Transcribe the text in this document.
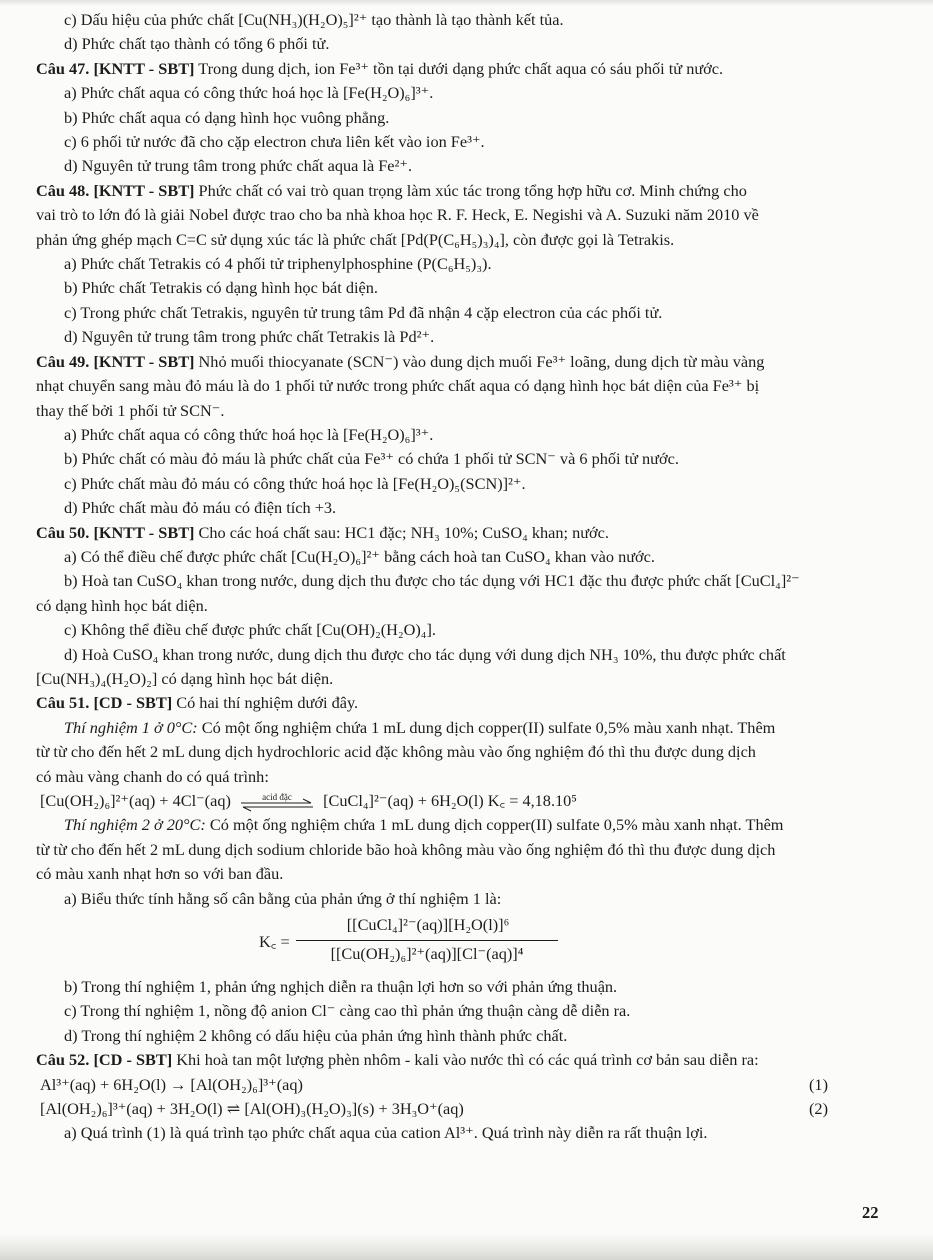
c) Dấu hiệu của phức chất [Cu(NH₃)(H₂O)₅]²⁺ tạo thành là tạo thành kết tủa.

d) Phức chất tạo thành có tổng 6 phối tử.

Câu 47. [KNTT - SBT] Trong dung dịch, ion Fe³⁺ tồn tại dưới dạng phức chất aqua có sáu phối tử nước.

a) Phức chất aqua có công thức hoá học là [Fe(H₂O)₆]³⁺.

b) Phức chất aqua có dạng hình học vuông phẳng.

c) 6 phối tử nước đã cho cặp electron chưa liên kết vào ion Fe³⁺.

d) Nguyên tử trung tâm trong phức chất aqua là Fe²⁺.

Câu 48. [KNTT - SBT] Phức chất có vai trò quan trọng làm xúc tác trong tổng hợp hữu cơ. Minh chứng cho

vai trò to lớn đó là giải Nobel được trao cho ba nhà khoa học R. F. Heck, E. Negishi và A. Suzuki năm 2010 về

phản ứng ghép mạch C=C sử dụng xúc tác là phức chất [Pd(P(C₆H₅)₃)₄], còn được gọi là Tetrakis.

a) Phức chất Tetrakis có 4 phối tử triphenylphosphine (P(C₆H₅)₃).

b) Phức chất Tetrakis có dạng hình học bát diện.

c) Trong phức chất Tetrakis, nguyên tử trung tâm Pd đã nhận 4 cặp electron của các phối tử.

d) Nguyên tử trung tâm trong phức chất Tetrakis là Pd²⁺.

Câu 49. [KNTT - SBT] Nhỏ muối thiocyanate (SCN⁻) vào dung dịch muối Fe³⁺ loãng, dung dịch từ màu vàng

nhạt chuyển sang màu đỏ máu là do 1 phối tử nước trong phức chất aqua có dạng hình học bát diện của Fe³⁺ bị

thay thế bởi 1 phối tử SCN⁻.

a) Phức chất aqua có công thức hoá học là [Fe(H₂O)₆]³⁺.

b) Phức chất có màu đỏ máu là phức chất của Fe³⁺ có chứa 1 phối tử SCN⁻ và 6 phối tử nước.

c) Phức chất màu đỏ máu có công thức hoá học là [Fe(H₂O)₅(SCN)]²⁺.

d) Phức chất màu đỏ máu có điện tích +3.

Câu 50. [KNTT - SBT] Cho các hoá chất sau: HC1 đặc; NH₃ 10%; CuSO₄ khan; nước.

a) Có thể điều chế được phức chất [Cu(H₂O)₆]²⁺ bằng cách hoà tan CuSO₄ khan vào nước.

b) Hoà tan CuSO₄ khan trong nước, dung dịch thu được cho tác dụng với HC1 đặc thu được phức chất [CuCl₄]²⁻

có dạng hình học bát diện.

c) Không thể điều chế được phức chất [Cu(OH)₂(H₂O)₄].

d) Hoà CuSO₄ khan trong nước, dung dịch thu được cho tác dụng với dung dịch NH₃ 10%, thu được phức chất

[Cu(NH₃)₄(H₂O)₂] có dạng hình học bát diện.

Câu 51. [CD - SBT] Có hai thí nghiệm dưới đây.

Thí nghiệm 1 ở 0°C: Có một ống nghiệm chứa 1 mL dung dịch copper(II) sulfate 0,5% màu xanh nhạt. Thêm

từ từ cho đến hết 2 mL dung dịch hydrochloric acid đặc không màu vào ống nghiệm đó thì thu được dung dịch

có màu vàng chanh do có quá trình:

[Cu(OH₂)₆]²⁺(aq) + 4Cl⁻(aq)	acid đặc	[CuCl₄]²⁻(aq) + 6H₂O(l) K꜀ = 4,18.10⁵

Thí nghiệm 2 ở 20°C: Có một ống nghiệm chứa 1 mL dung dịch copper(II) sulfate 0,5% màu xanh nhạt. Thêm

từ từ cho đến hết 2 mL dung dịch sodium chloride bão hoà không màu vào ống nghiệm đó thì thu được dung dịch

có màu xanh nhạt hơn so với ban đầu.

a) Biểu thức tính hằng số cân bằng của phản ứng ở thí nghiệm 1 là:

K꜀ =
[[CuCl₄]²⁻(aq)][H₂O(l)]⁶
[[Cu(OH₂)₆]²⁺(aq)][Cl⁻(aq)]⁴

b) Trong thí nghiệm 1, phản ứng nghịch diễn ra thuận lợi hơn so với phản ứng thuận.

c) Trong thí nghiệm 1, nồng độ anion Cl⁻ càng cao thì phản ứng thuận càng dễ diễn ra.

d) Trong thí nghiệm 2 không có dấu hiệu của phản ứng hình thành phức chất.

Câu 52. [CD - SBT] Khi hoà tan một lượng phèn nhôm - kali vào nước thì có các quá trình cơ bản sau diễn ra:

Al³⁺(aq) + 6H₂O(l) → [Al(OH₂)₆]³⁺(aq)	(1)

[Al(OH₂)₆]³⁺(aq) + 3H₂O(l) ⇌ [Al(OH)₃(H₂O)₃](s) + 3H₃O⁺(aq)	(2)

a) Quá trình (1) là quá trình tạo phức chất aqua của cation Al³⁺. Quá trình này diễn ra rất thuận lợi.

22
